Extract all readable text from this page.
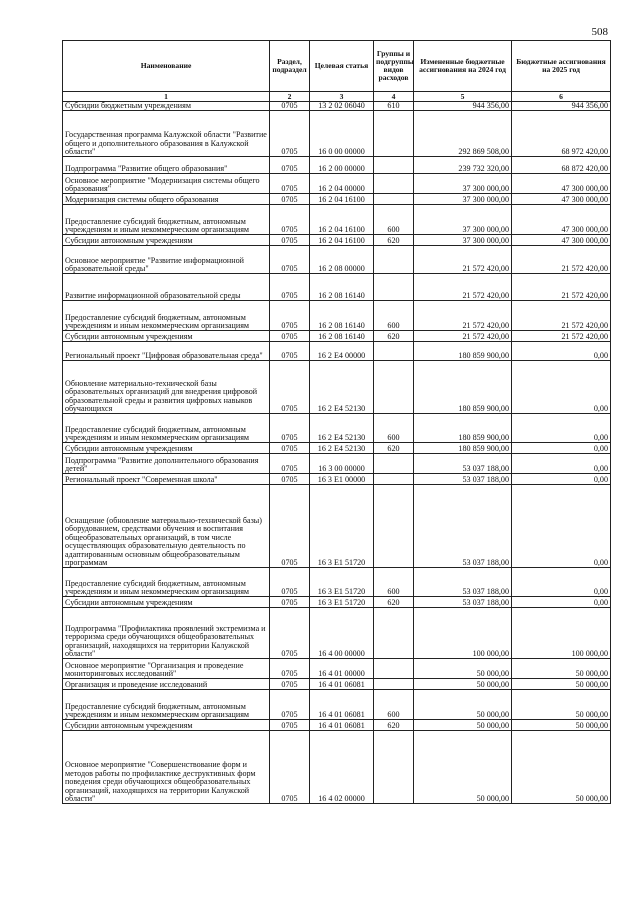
508
Наименование	Раздел, подраздел	Целевая статья	Группы и подгруппы видов расходов	Измененные бюджетные ассигнования на 2024 год	Бюджетные ассигнования на 2025 год
1	2	3	4	5	6
Субсидии бюджетным учреждениям	0705	13 2 02 06040	610	944 356,00	944 356,00
Государственная программа Калужской области "Развитие общего и дополнительного образования в Калужской области"	0705	16 0 00 00000		292 869 508,00	68 972 420,00
Подпрограмма "Развитие общего образования"	0705	16 2 00 00000		239 732 320,00	68 872 420,00
Основное мероприятие "Модернизация системы общего образования"	0705	16 2 04 00000		37 300 000,00	47 300 000,00
Модернизация системы общего образования	0705	16 2 04 16100		37 300 000,00	47 300 000,00
Предоставление субсидий бюджетным, автономным учреждениям и иным некоммерческим организациям	0705	16 2 04 16100	600	37 300 000,00	47 300 000,00
Субсидии автономным учреждениям	0705	16 2 04 16100	620	37 300 000,00	47 300 000,00
Основное мероприятие "Развитие информационной образовательной среды"	0705	16 2 08 00000		21 572 420,00	21 572 420,00
Развитие информационной образовательной среды	0705	16 2 08 16140		21 572 420,00	21 572 420,00
Предоставление субсидий бюджетным, автономным учреждениям и иным некоммерческим организациям	0705	16 2 08 16140	600	21 572 420,00	21 572 420,00
Субсидии автономным учреждениям	0705	16 2 08 16140	620	21 572 420,00	21 572 420,00
Региональный проект "Цифровая образовательная среда"	0705	16 2 E4 00000		180 859 900,00	0,00
Обновление материально-технической базы образовательных организаций для внедрения цифровой образовательной среды и развития цифровых навыков обучающихся	0705	16 2 E4 52130		180 859 900,00	0,00
Предоставление субсидий бюджетным, автономным учреждениям и иным некоммерческим организациям	0705	16 2 E4 52130	600	180 859 900,00	0,00
Субсидии автономным учреждениям	0705	16 2 E4 52130	620	180 859 900,00	0,00
Подпрограмма "Развитие дополнительного образования детей"	0705	16 3 00 00000		53 037 188,00	0,00
Региональный проект "Современная школа"	0705	16 3 E1 00000		53 037 188,00	0,00
Оснащение (обновление материально-технической базы) оборудованием, средствами обучения и воспитания общеобразовательных организаций, в том числе осуществляющих образовательную деятельность по адаптированным основным общеобразовательным программам	0705	16 3 E1 51720		53 037 188,00	0,00
Предоставление субсидий бюджетным, автономным учреждениям и иным некоммерческим организациям	0705	16 3 E1 51720	600	53 037 188,00	0,00
Субсидии автономным учреждениям	0705	16 3 E1 51720	620	53 037 188,00	0,00
Подпрограмма "Профилактика проявлений экстремизма и терроризма среди обучающихся общеобразовательных организаций, находящихся на территории Калужской области"	0705	16 4 00 00000		100 000,00	100 000,00
Основное мероприятие "Организация и проведение мониторинговых исследований"	0705	16 4 01 00000		50 000,00	50 000,00
Организация и проведение исследований	0705	16 4 01 06081		50 000,00	50 000,00
Предоставление субсидий бюджетным, автономным учреждениям и иным некоммерческим организациям	0705	16 4 01 06081	600	50 000,00	50 000,00
Субсидии автономным учреждениям	0705	16 4 01 06081	620	50 000,00	50 000,00
Основное мероприятие "Совершенствование форм и методов работы по профилактике деструктивных форм поведения среди обучающихся общеобразовательных организаций, находящихся на территории Калужской области"	0705	16 4 02 00000		50 000,00	50 000,00
